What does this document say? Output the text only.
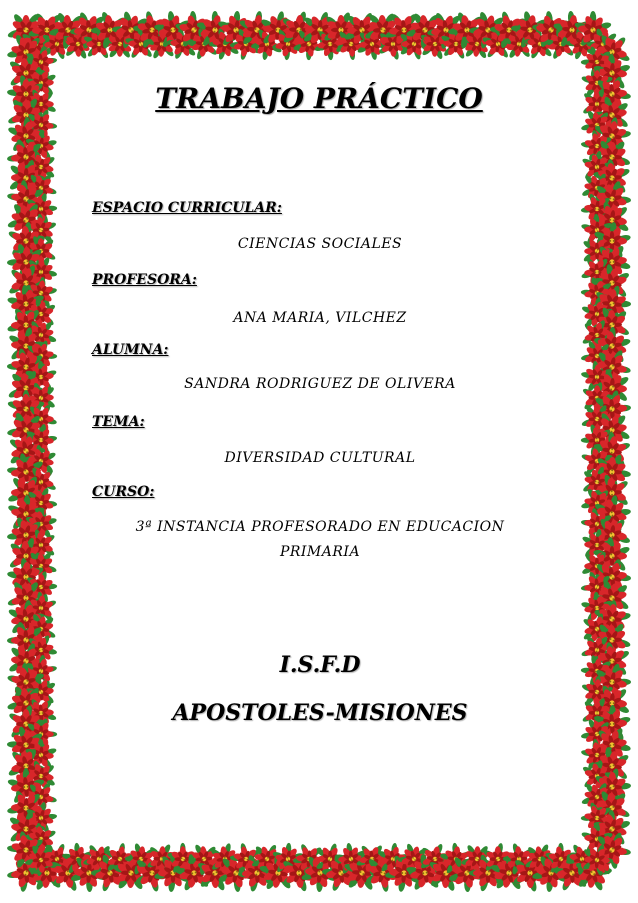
TRABAJO PRÁCTICO

ESPACIO CURRICULAR:

CIENCIAS SOCIALES

PROFESORA:

ANA MARIA, VILCHEZ

ALUMNA:

SANDRA RODRIGUEZ DE OLIVERA

TEMA:

DIVERSIDAD CULTURAL

CURSO:

3ª INSTANCIA PROFESORADO EN EDUCACION

PRIMARIA

I.S.F.D

APOSTOLES-MISIONES
